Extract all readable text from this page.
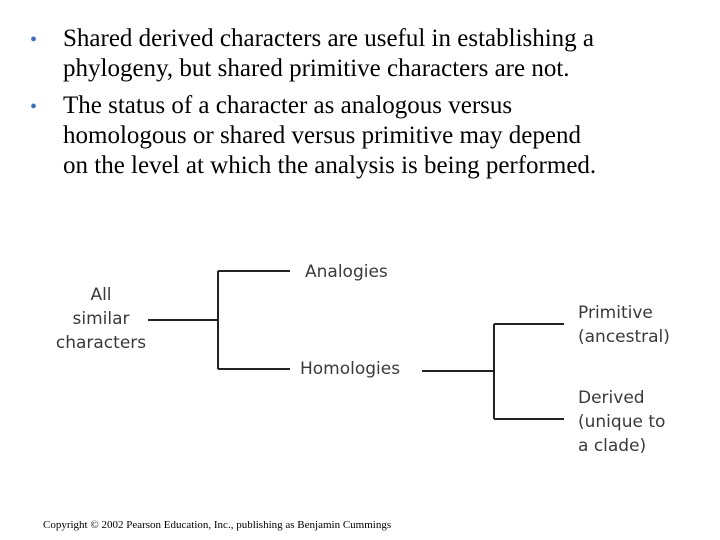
• Shared derived characters are useful in establishing a
phylogeny, but shared primitive characters are not.
• The status of a character as analogous versus
homologous or shared versus primitive may depend
on the level at which the analysis is being performed.
All
similar
characters
Analogies
Homologies
Primitive
(ancestral)
Derived
(unique to
a clade)
Copyright © 2002 Pearson Education, Inc., publishing as Benjamin Cummings
